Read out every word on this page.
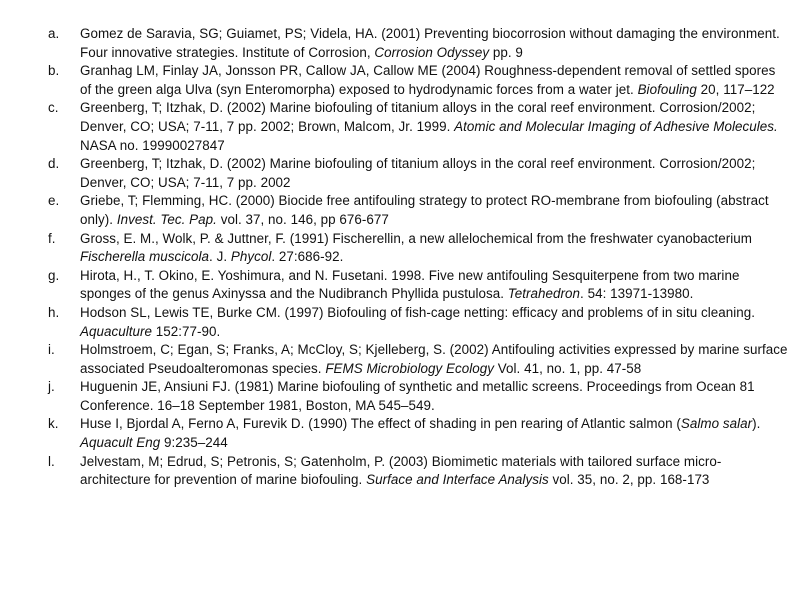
a.	Gomez de Saravia, SG; Guiamet, PS; Videla, HA. (2001) Preventing biocorrosion without damaging the environment. Four innovative strategies. Institute of Corrosion, Corrosion Odyssey pp. 9
b.	Granhag LM, Finlay JA, Jonsson PR, Callow JA, Callow ME (2004) Roughness-dependent removal of settled spores of the green alga Ulva (syn Enteromorpha) exposed to hydrodynamic forces from a water jet. Biofouling 20, 117–122
c.	Greenberg, T; Itzhak, D. (2002) Marine biofouling of titanium alloys in the coral reef environment. Corrosion/2002; Denver, CO; USA; 7-11, 7 pp. 2002; Brown, Malcom, Jr. 1999. Atomic and Molecular Imaging of Adhesive Molecules. NASA no. 19990027847
d.	Greenberg, T; Itzhak, D. (2002) Marine biofouling of titanium alloys in the coral reef environment. Corrosion/2002; Denver, CO; USA; 7-11, 7 pp. 2002
e.	Griebe, T; Flemming, HC. (2000) Biocide free antifouling strategy to protect RO-membrane from biofouling (abstract only). Invest. Tec. Pap. vol. 37, no. 146, pp 676-677
f.	Gross, E. M., Wolk, P. & Juttner, F. (1991) Fischerellin, a new allelochemical from the freshwater cyanobacterium Fischerella muscicola. J. Phycol. 27:686-92.
g.	Hirota, H., T. Okino, E. Yoshimura, and N. Fusetani. 1998. Five new antifouling Sesquiterpene from two marine sponges of the genus Axinyssa and the Nudibranch Phyllida pustulosa. Tetrahedron. 54: 13971-13980.
h.	Hodson SL, Lewis TE, Burke CM. (1997) Biofouling of fish-cage netting: efficacy and problems of in situ cleaning. Aquaculture 152:77-90.
i.	Holmstroem, C; Egan, S; Franks, A; McCloy, S; Kjelleberg, S. (2002) Antifouling activities expressed by marine surface associated Pseudoalteromonas species. FEMS Microbiology Ecology Vol. 41, no. 1, pp. 47-58
j.	Huguenin JE, Ansiuni FJ. (1981) Marine biofouling of synthetic and metallic screens. Proceedings from Ocean 81 Conference. 16–18 September 1981, Boston, MA 545–549.
k.	Huse I, Bjordal A, Ferno A, Furevik D. (1990) The effect of shading in pen rearing of Atlantic salmon (Salmo salar). Aquacult Eng 9:235–244
l.	Jelvestam, M; Edrud, S; Petronis, S; Gatenholm, P. (2003) Biomimetic materials with tailored surface micro-architecture for prevention of marine biofouling. Surface and Interface Analysis vol. 35, no. 2, pp. 168-173
